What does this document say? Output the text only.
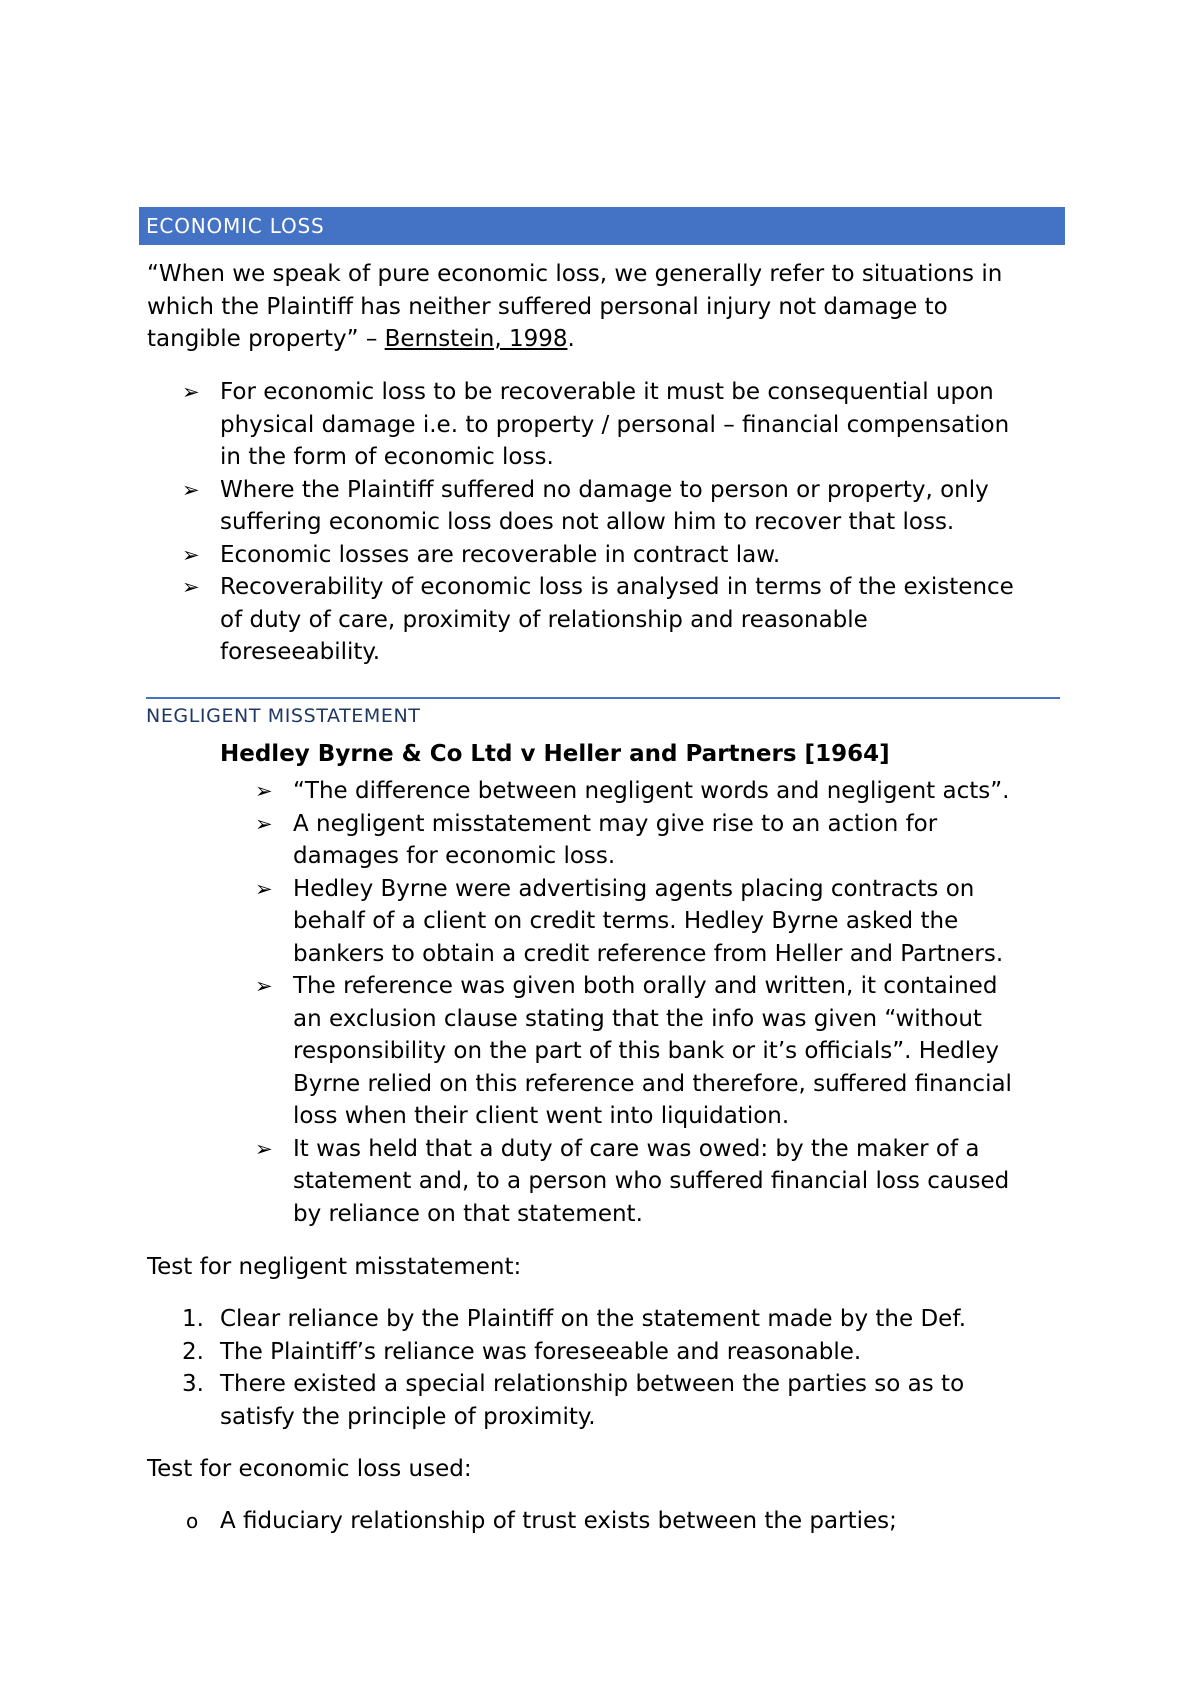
ECONOMIC LOSS

“When we speak of pure economic loss, we generally refer to situations in
which the Plaintiff has neither suffered personal injury not damage to
tangible property” – Bernstein, 1998.

➢ For economic loss to be recoverable it must be consequential upon
physical damage i.e. to property / personal – financial compensation
in the form of economic loss.
➢ Where the Plaintiff suffered no damage to person or property, only
suffering economic loss does not allow him to recover that loss.
➢ Economic losses are recoverable in contract law.
➢ Recoverability of economic loss is analysed in terms of the existence
of duty of care, proximity of relationship and reasonable
foreseeability.
NEGLIGENT MISSTATEMENT
Hedley Byrne & Co Ltd v Heller and Partners [1964]
➢ “The difference between negligent words and negligent acts”.
➢ A negligent misstatement may give rise to an action for
damages for economic loss.
➢ Hedley Byrne were advertising agents placing contracts on
behalf of a client on credit terms. Hedley Byrne asked the
bankers to obtain a credit reference from Heller and Partners.
➢ The reference was given both orally and written, it contained
an exclusion clause stating that the info was given “without
responsibility on the part of this bank or it’s officials”. Hedley
Byrne relied on this reference and therefore, suffered financial
loss when their client went into liquidation.
➢ It was held that a duty of care was owed: by the maker of a
statement and, to a person who suffered financial loss caused
by reliance on that statement.

Test for negligent misstatement:

1. Clear reliance by the Plaintiff on the statement made by the Def.
2. The Plaintiff’s reliance was foreseeable and reasonable.
3. There existed a special relationship between the parties so as to
satisfy the principle of proximity.

Test for economic loss used:

o A fiduciary relationship of trust exists between the parties;
